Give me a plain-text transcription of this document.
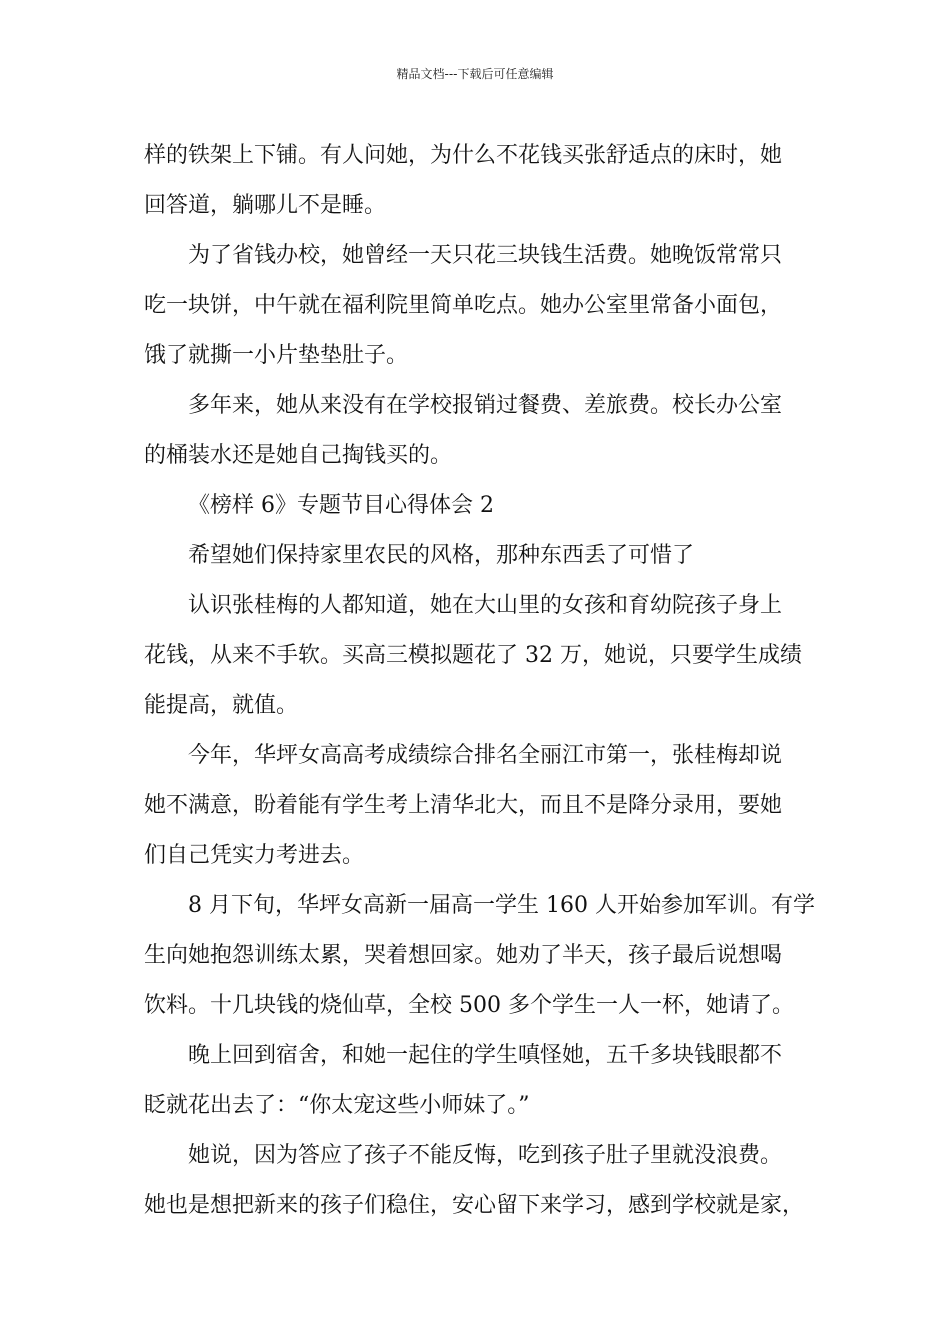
精品文档---下载后可任意编辑
样的铁架上下铺。有人问她，为什么不花钱买张舒适点的床时，她
回答道，躺哪儿不是睡。
为了省钱办校，她曾经一天只花三块钱生活费。她晚饭常常只
吃一块饼，中午就在福利院里简单吃点。她办公室里常备小面包，
饿了就撕一小片垫垫肚子。
多年来，她从来没有在学校报销过餐费、差旅费。校长办公室
的桶装水还是她自己掏钱买的。
《榜样 6》专题节目心得体会 2
希望她们保持家里农民的风格，那种东西丢了可惜了
认识张桂梅的人都知道，她在大山里的女孩和育幼院孩子身上
花钱，从来不手软。买高三模拟题花了 32 万，她说，只要学生成绩
能提高，就值。
今年，华坪女高高考成绩综合排名全丽江市第一，张桂梅却说
她不满意，盼着能有学生考上清华北大，而且不是降分录用，要她
们自己凭实力考进去。
8 月下旬，华坪女高新一届高一学生 160 人开始参加军训。有学
生向她抱怨训练太累，哭着想回家。她劝了半天，孩子最后说想喝
饮料。十几块钱的烧仙草，全校 500 多个学生一人一杯，她请了。
晚上回到宿舍，和她一起住的学生嗔怪她，五千多块钱眼都不
眨就花出去了：“你太宠这些小师妹了。”
她说，因为答应了孩子不能反悔，吃到孩子肚子里就没浪费。
她也是想把新来的孩子们稳住，安心留下来学习，感到学校就是家，
